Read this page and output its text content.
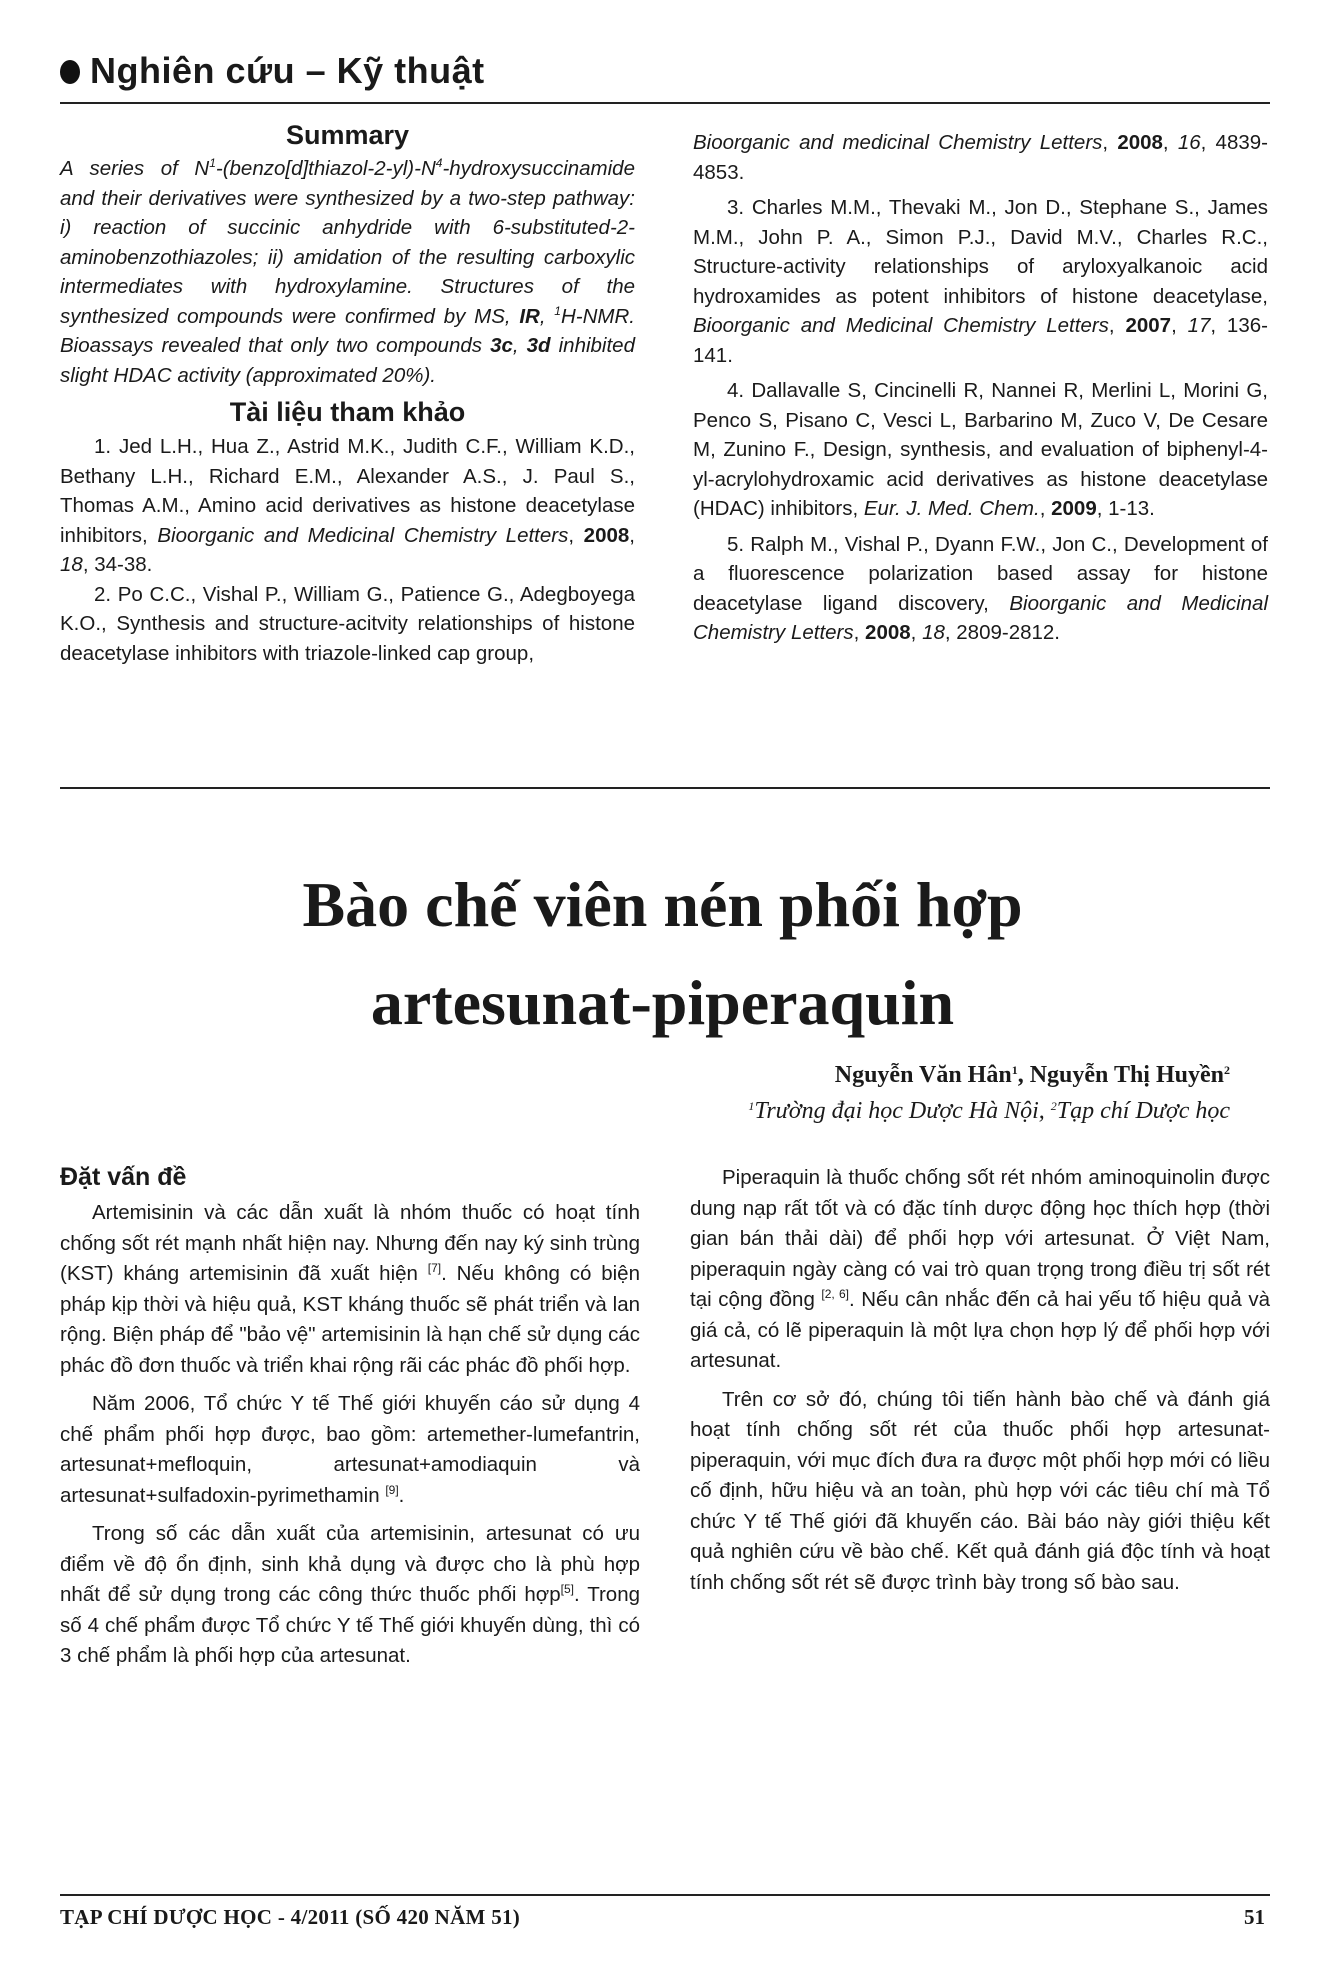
Nghiên cứu – Kỹ thuật
Summary

A series of $N^1-(benzo[d]thiazol-2-yl)-N^4$-hydroxysuccinamide and their derivatives were synthesized by a two-step pathway: i) reaction of succinic anhydride with 6-substituted-2-aminobenzothiazoles; ii) amidation of the resulting carboxylic intermediates with hydroxylamine. Structures of the synthesized compounds were confirmed by MS, IR, $^1$H-NMR. Bioassays revealed that only two compounds 3c, 3d inhibited slight HDAC activity (approximated 20%).

Tài liệu tham khảo

1. Jed L.H., Hua Z., Astrid M.K., Judith C.F., William K.D., Bethany L.H., Richard E.M., Alexander A.S., J. Paul S., Thomas A.M., Amino acid derivatives as histone deacetylase inhibitors, Bioorganic and Medicinal Chemistry Letters, 2008, 18, 34-38.

2. Po C.C., Vishal P., William G., Patience G., Adegboyega K.O., Synthesis and structure-acitvity relationships of histone deacetylase inhibitors with triazole-linked cap group,

Bioorganic and medicinal Chemistry Letters, 2008, 16, 4839-4853.

3. Charles M.M., Thevaki M., Jon D., Stephane S., James M.M., John P. A., Simon P.J., David M.V., Charles R.C., Structure-activity relationships of aryloxyalkanoic acid hydroxamides as potent inhibitors of histone deacetylase, Bioorganic and Medicinal Chemistry Letters, 2007, 17, 136-141.

4. Dallavalle S, Cincinelli R, Nannei R, Merlini L, Morini G, Penco S, Pisano C, Vesci L, Barbarino M, Zuco V, De Cesare M, Zunino F., Design, synthesis, and evaluation of biphenyl-4-yl-acrylohydroxamic acid derivatives as histone deacetylase (HDAC) inhibitors, Eur. J. Med. Chem., 2009, 1-13.

5. Ralph M., Vishal P., Dyann F.W., Jon C., Development of a fluorescence polarization based assay for histone deacetylase ligand discovery, Bioorganic and Medicinal Chemistry Letters, 2008, 18, 2809-2812.

Bào chế viên nén phối hợp
artesunat-piperaquin
Nguyễn Văn Hân$^1$, Nguyễn Thị Huyền$^2$
$^1$Trường đại học Dược Hà Nội, $^2$Tạp chí Dược học
Đặt vấn đề

Artemisinin và các dẫn xuất là nhóm thuốc có hoạt tính chống sốt rét mạnh nhất hiện nay. Nhưng đến nay ký sinh trùng (KST) kháng artemisinin đã xuất hiện [7]. Nếu không có biện pháp kịp thời và hiệu quả, KST kháng thuốc sẽ phát triển và lan rộng. Biện pháp để "bảo vệ" artemisinin là hạn chế sử dụng các phác đồ đơn thuốc và triển khai rộng rãi các phác đồ phối hợp.

Năm 2006, Tổ chức Y tế Thế giới khuyến cáo sử dụng 4 chế phẩm phối hợp được, bao gồm: artemether-lumefantrin, artesunat+mefloquin, artesunat+amodiaquin và artesunat+sulfadoxin-pyrimethamin [9].

Trong số các dẫn xuất của artemisinin, artesunat có ưu điểm về độ ổn định, sinh khả dụng và được cho là phù hợp nhất để sử dụng trong các công thức thuốc phối hợp[5]. Trong số 4 chế phẩm được Tổ chức Y tế Thế giới khuyến dùng, thì có 3 chế phẩm là phối hợp của artesunat.

Piperaquin là thuốc chống sốt rét nhóm aminoquinolin được dung nạp rất tốt và có đặc tính dược động học thích hợp (thời gian bán thải dài) để phối hợp với artesunat. Ở Việt Nam, piperaquin ngày càng có vai trò quan trọng trong điều trị sốt rét tại cộng đồng [2, 6]. Nếu cân nhắc đến cả hai yếu tố hiệu quả và giá cả, có lẽ piperaquin là một lựa chọn hợp lý để phối hợp với artesunat.

Trên cơ sở đó, chúng tôi tiến hành bào chế và đánh giá hoạt tính chống sốt rét của thuốc phối hợp artesunat-piperaquin, với mục đích đưa ra được một phối hợp mới có liều cố định, hữu hiệu và an toàn, phù hợp với các tiêu chí mà Tổ chức Y tế Thế giới đã khuyến cáo. Bài báo này giới thiệu kết quả nghiên cứu về bào chế. Kết quả đánh giá độc tính và hoạt tính chống sốt rét sẽ được trình bày trong số bào sau.

TẠP CHÍ DƯỢC HỌC - 4/2011 (SỐ 420 NĂM 51)	51
